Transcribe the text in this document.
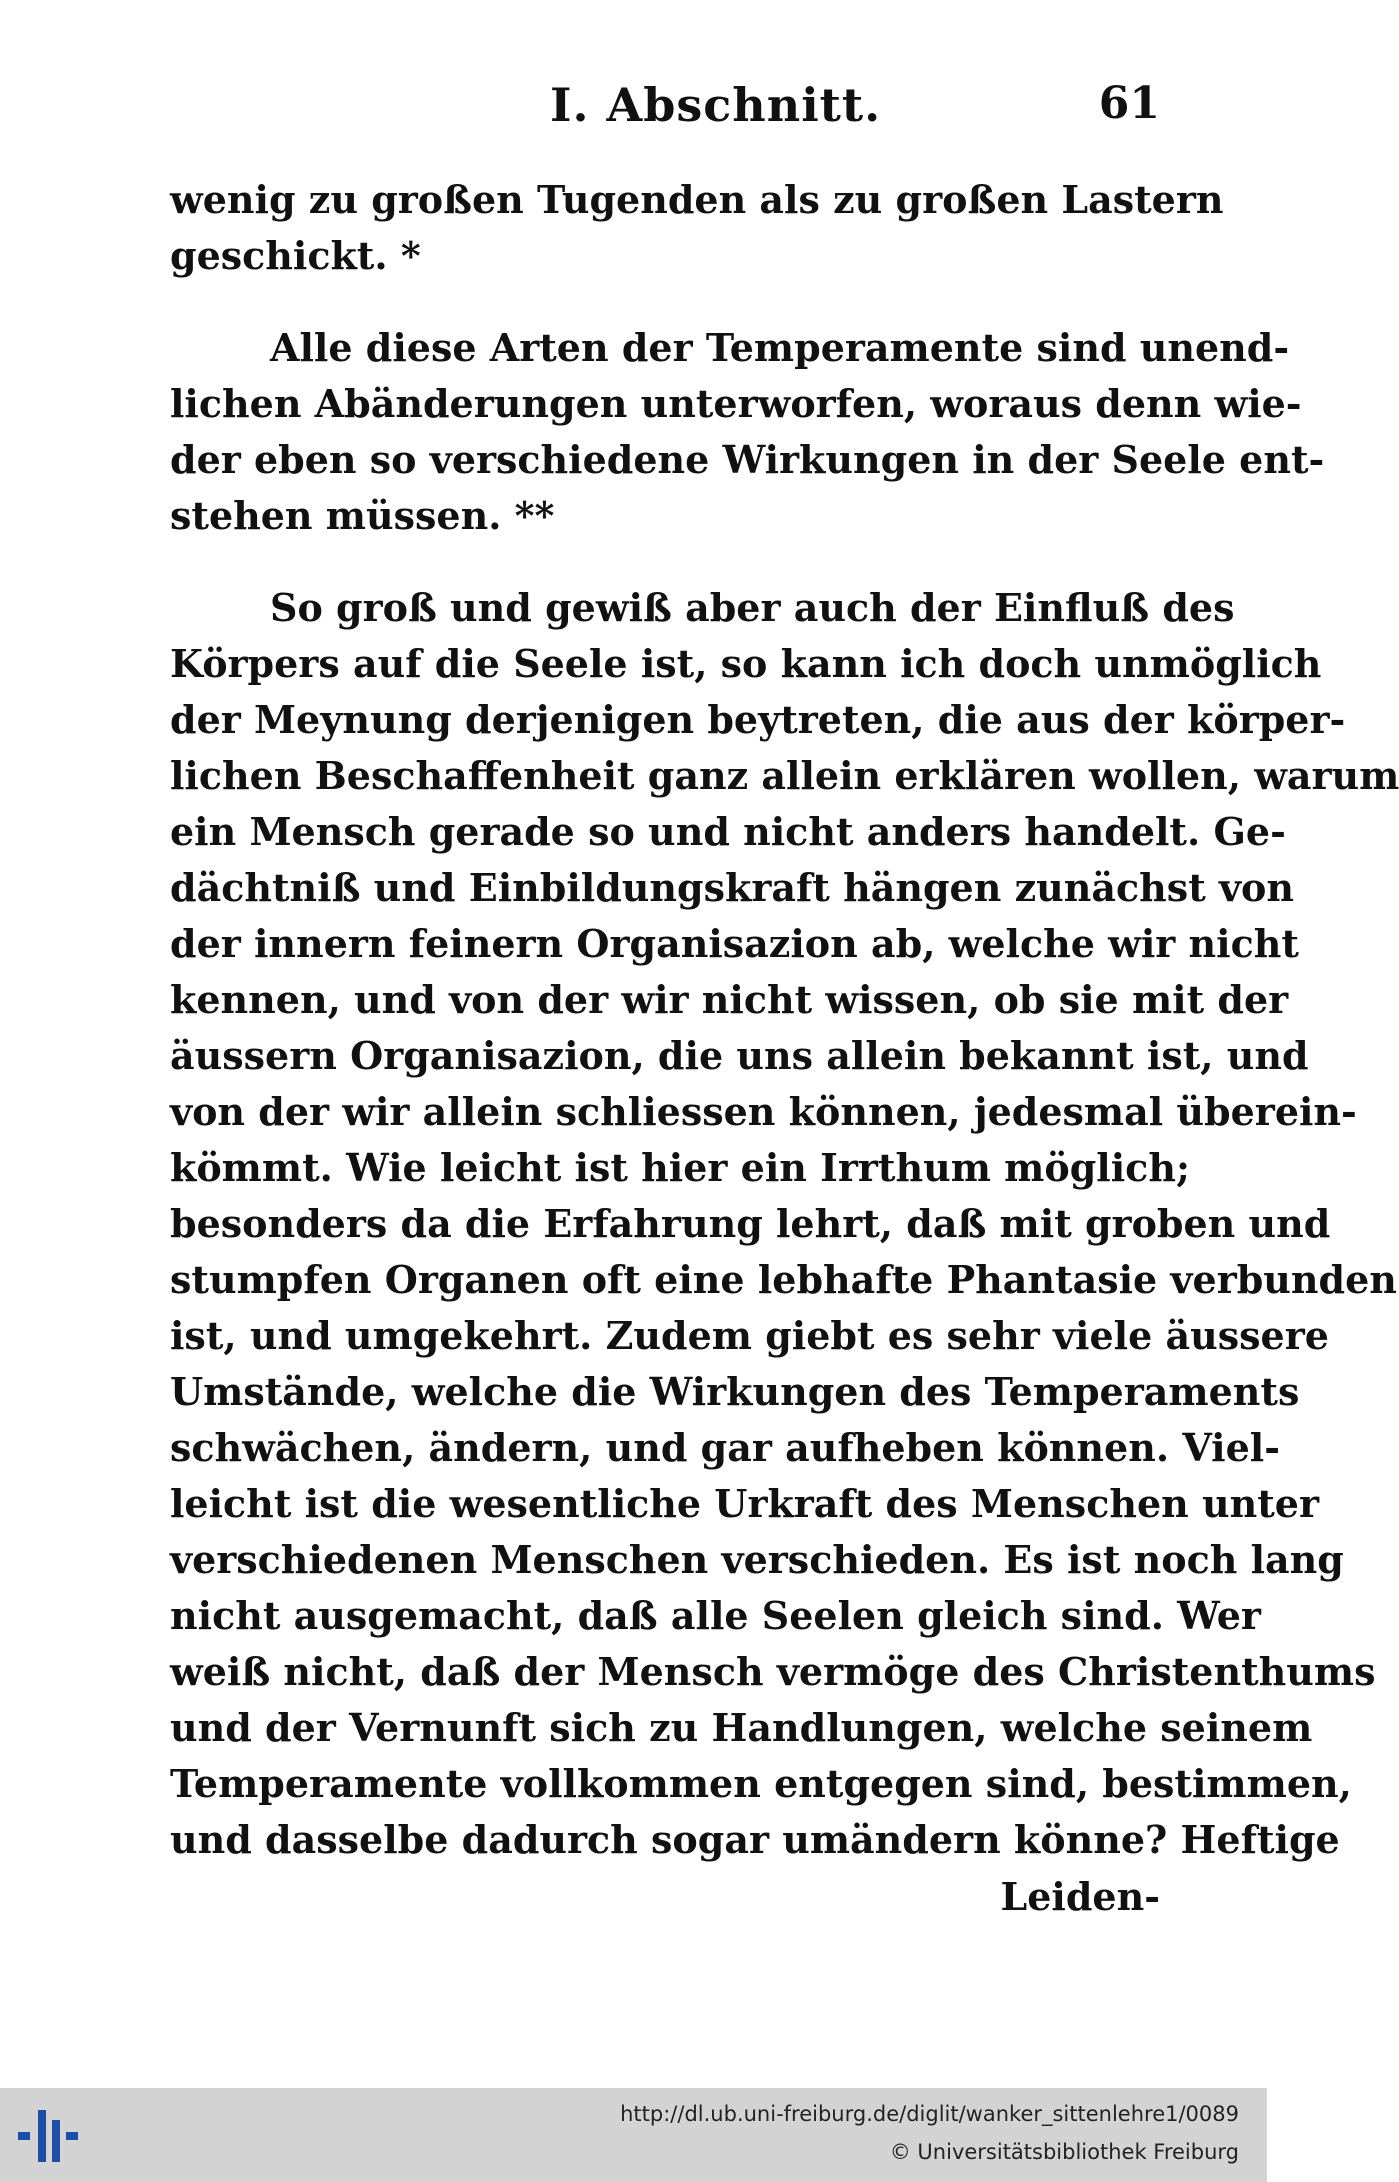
I. Abschnitt.	61
wenig zu großen Tugenden als zu großen Lastern
geschickt. *
Alle diese Arten der Temperamente sind unend-
lichen Abänderungen unterworfen, woraus denn wie-
der eben so verschiedene Wirkungen in der Seele ent-
stehen müssen. **
So groß und gewiß aber auch der Einfluß des
Körpers auf die Seele ist, so kann ich doch unmöglich
der Meynung derjenigen beytreten, die aus der körper-
lichen Beschaffenheit ganz allein erklären wollen, warum
ein Mensch gerade so und nicht anders handelt. Ge-
dächtniß und Einbildungskraft hängen zunächst von
der innern feinern Organisazion ab, welche wir nicht
kennen, und von der wir nicht wissen, ob sie mit der
äussern Organisazion, die uns allein bekannt ist, und
von der wir allein schliessen können, jedesmal überein-
kömmt. Wie leicht ist hier ein Irrthum möglich;
besonders da die Erfahrung lehrt, daß mit groben und
stumpfen Organen oft eine lebhafte Phantasie verbunden
ist, und umgekehrt. Zudem giebt es sehr viele äussere
Umstände, welche die Wirkungen des Temperaments
schwächen, ändern, und gar aufheben können. Viel-
leicht ist die wesentliche Urkraft des Menschen unter
verschiedenen Menschen verschieden. Es ist noch lang
nicht ausgemacht, daß alle Seelen gleich sind. Wer
weiß nicht, daß der Mensch vermöge des Christenthums
und der Vernunft sich zu Handlungen, welche seinem
Temperamente vollkommen entgegen sind, bestimmen,
und dasselbe dadurch sogar umändern könne? Heftige
Leiden-
http://dl.ub.uni-freiburg.de/diglit/wanker_sittenlehre1/0089
© Universitätsbibliothek Freiburg
